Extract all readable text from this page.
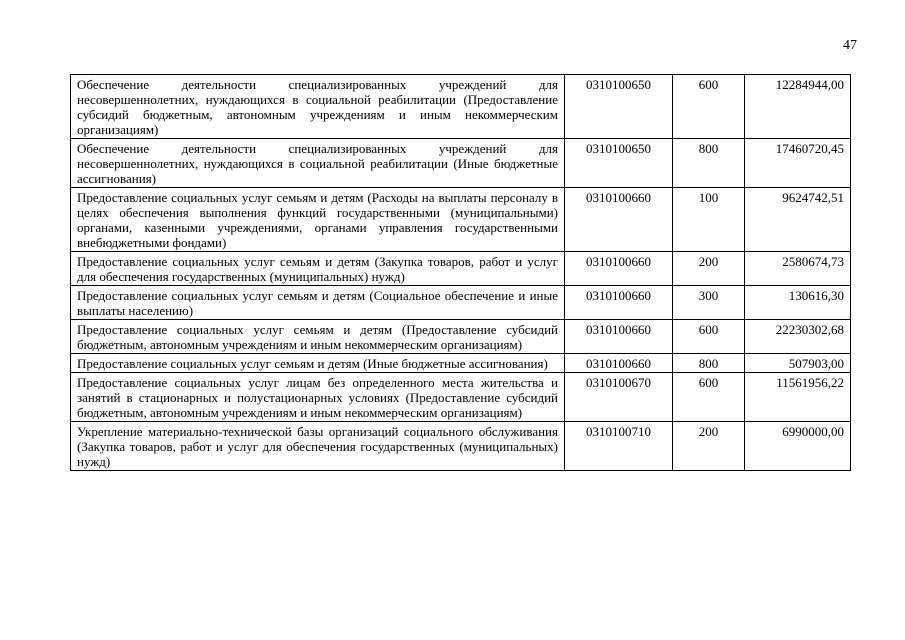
47
Обеспечение деятельности специализированных учреждений для несовершеннолетних, нуждающихся в социальной реабилитации (Предоставление субсидий бюджетным, автономным учреждениям и иным некоммерческим организациям)	0310100650	600	12284944,00
Обеспечение деятельности специализированных учреждений для несовершеннолетних, нуждающихся в социальной реабилитации (Иные бюджетные ассигнования)	0310100650	800	17460720,45
Предоставление социальных услуг семьям и детям (Расходы на выплаты персоналу в целях обеспечения выполнения функций государственными (муниципальными) органами, казенными учреждениями, органами управления государственными внебюджетными фондами)	0310100660	100	9624742,51
Предоставление социальных услуг семьям и детям (Закупка товаров, работ и услуг для обеспечения государственных (муниципальных) нужд)	0310100660	200	2580674,73
Предоставление социальных услуг семьям и детям (Социальное обеспечение и иные выплаты населению)	0310100660	300	130616,30
Предоставление социальных услуг семьям и детям (Предоставление субсидий бюджетным, автономным учреждениям и иным некоммерческим организациям)	0310100660	600	22230302,68
Предоставление социальных услуг семьям и детям (Иные бюджетные ассигнования)	0310100660	800	507903,00
Предоставление социальных услуг лицам без определенного места жительства и занятий в стационарных и полустационарных условиях (Предоставление субсидий бюджетным, автономным учреждениям и иным некоммерческим организациям)	0310100670	600	11561956,22
Укрепление материально-технической базы организаций социального обслуживания (Закупка товаров, работ и услуг для обеспечения государственных (муниципальных) нужд)	0310100710	200	6990000,00
